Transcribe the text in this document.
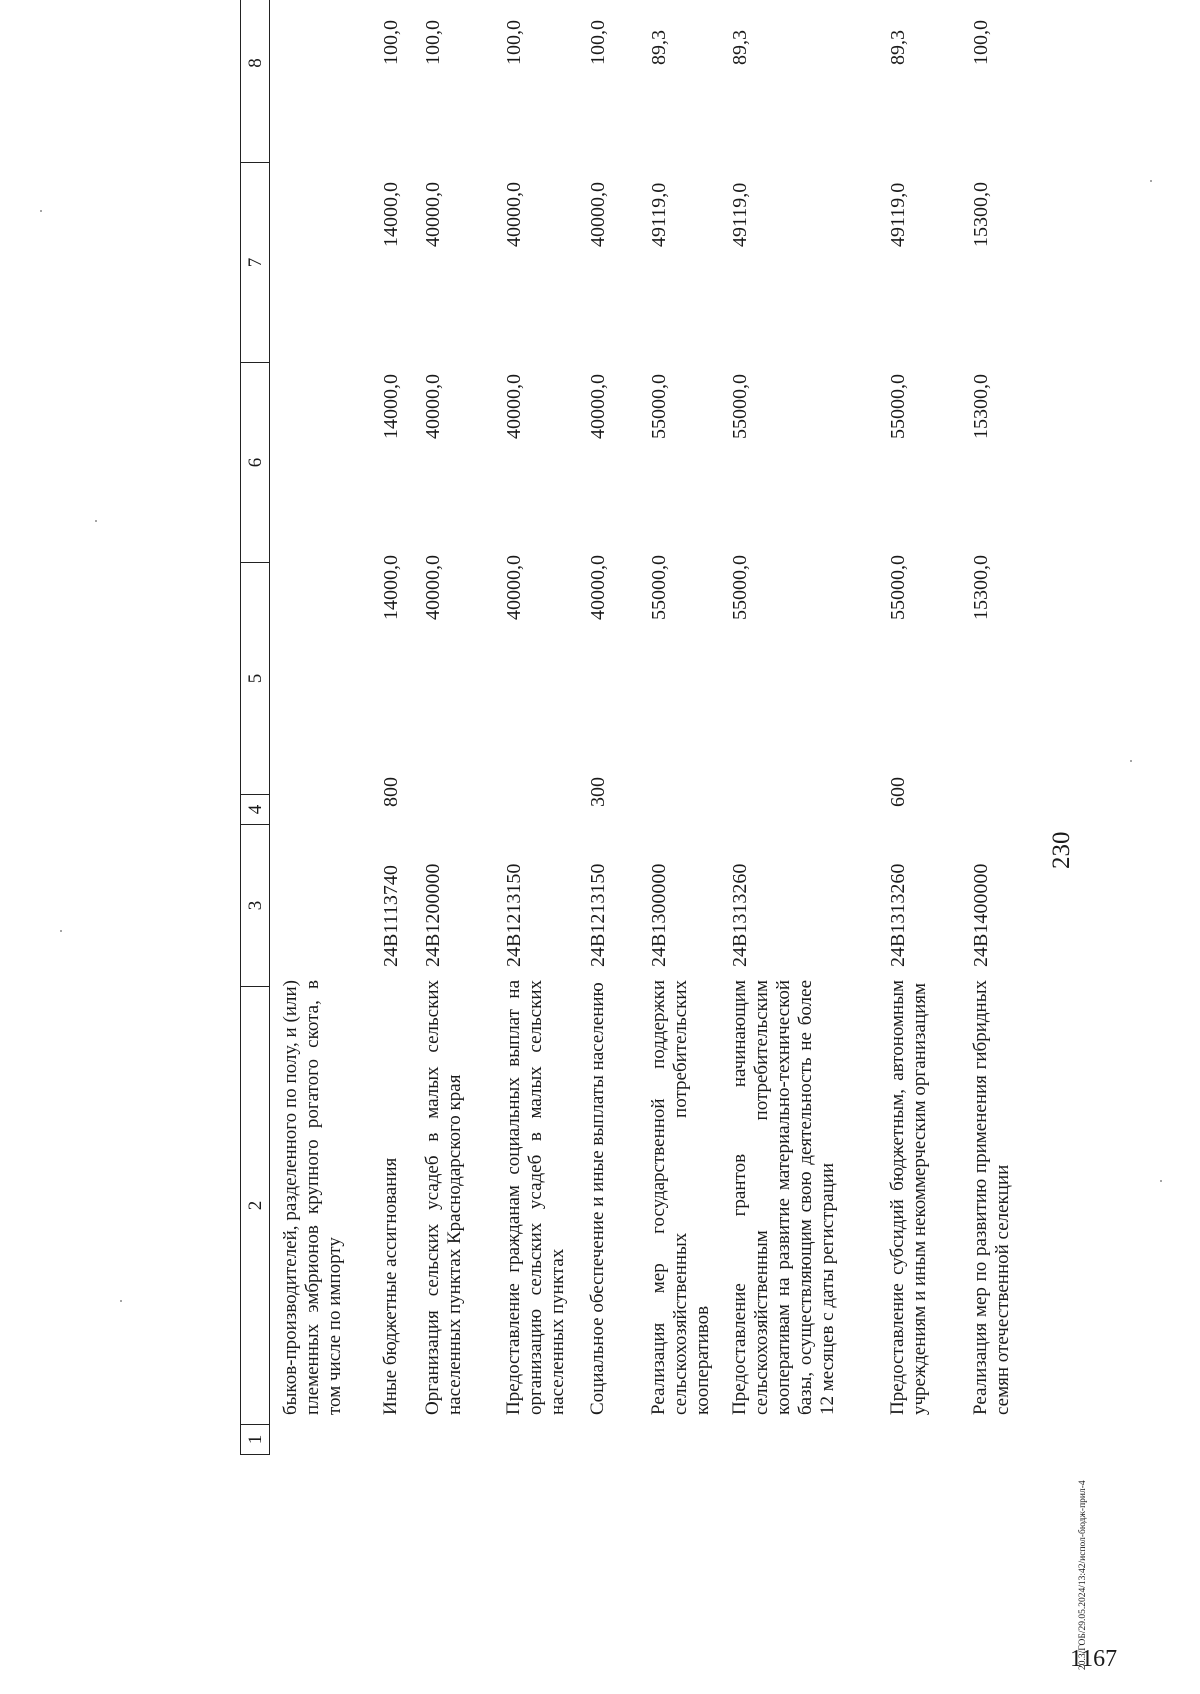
230
1
2
3
4
5
6
7
8
быков-производителей, разделенного по полу, и (или) племенных эмбрионов крупного рогатого скота, в том числе по импорту Иные бюджетные ассигнования
24В1113740
800
14000,0
14000,0
14000,0
100,0
Организация сельских усадеб в малых сельских населенных пунктах Краснодарского края
24В1200000
40000,0
40000,0
40000,0
100,0
Предоставление гражданам социальных выплат на организацию сельских усадеб в малых сельских населенных пунктах
24В1213150
40000,0
40000,0
40000,0
100,0
Социальное обеспечение и иные выплаты населению
24В1213150
300
40000,0
40000,0
40000,0
100,0
Реализация мер государственной поддержки сельскохозяйственных потребительских кооперативов
24В1300000
55000,0
55000,0
49119,0
89,3
Предоставление грантов начинающим сельскохозяйственным потребительским кооперативам на развитие материально-технической базы, осуществляющим свою деятельность не более 12 месяцев с даты регистрации
24В1313260
55000,0
55000,0
49119,0
89,3
Предоставление субсидий бюджетным, автономным учреждениям и иным некоммерческим организациям
24В1313260
600
55000,0
55000,0
49119,0
89,3
Реализация мер по развитию применения гибридных семян отечественной селекции
24В1400000
15300,0
15300,0
15300,0
100,0
20.3/ГОБ/29.05.2024/13:42/испол-бюдж-прил-4
1167
